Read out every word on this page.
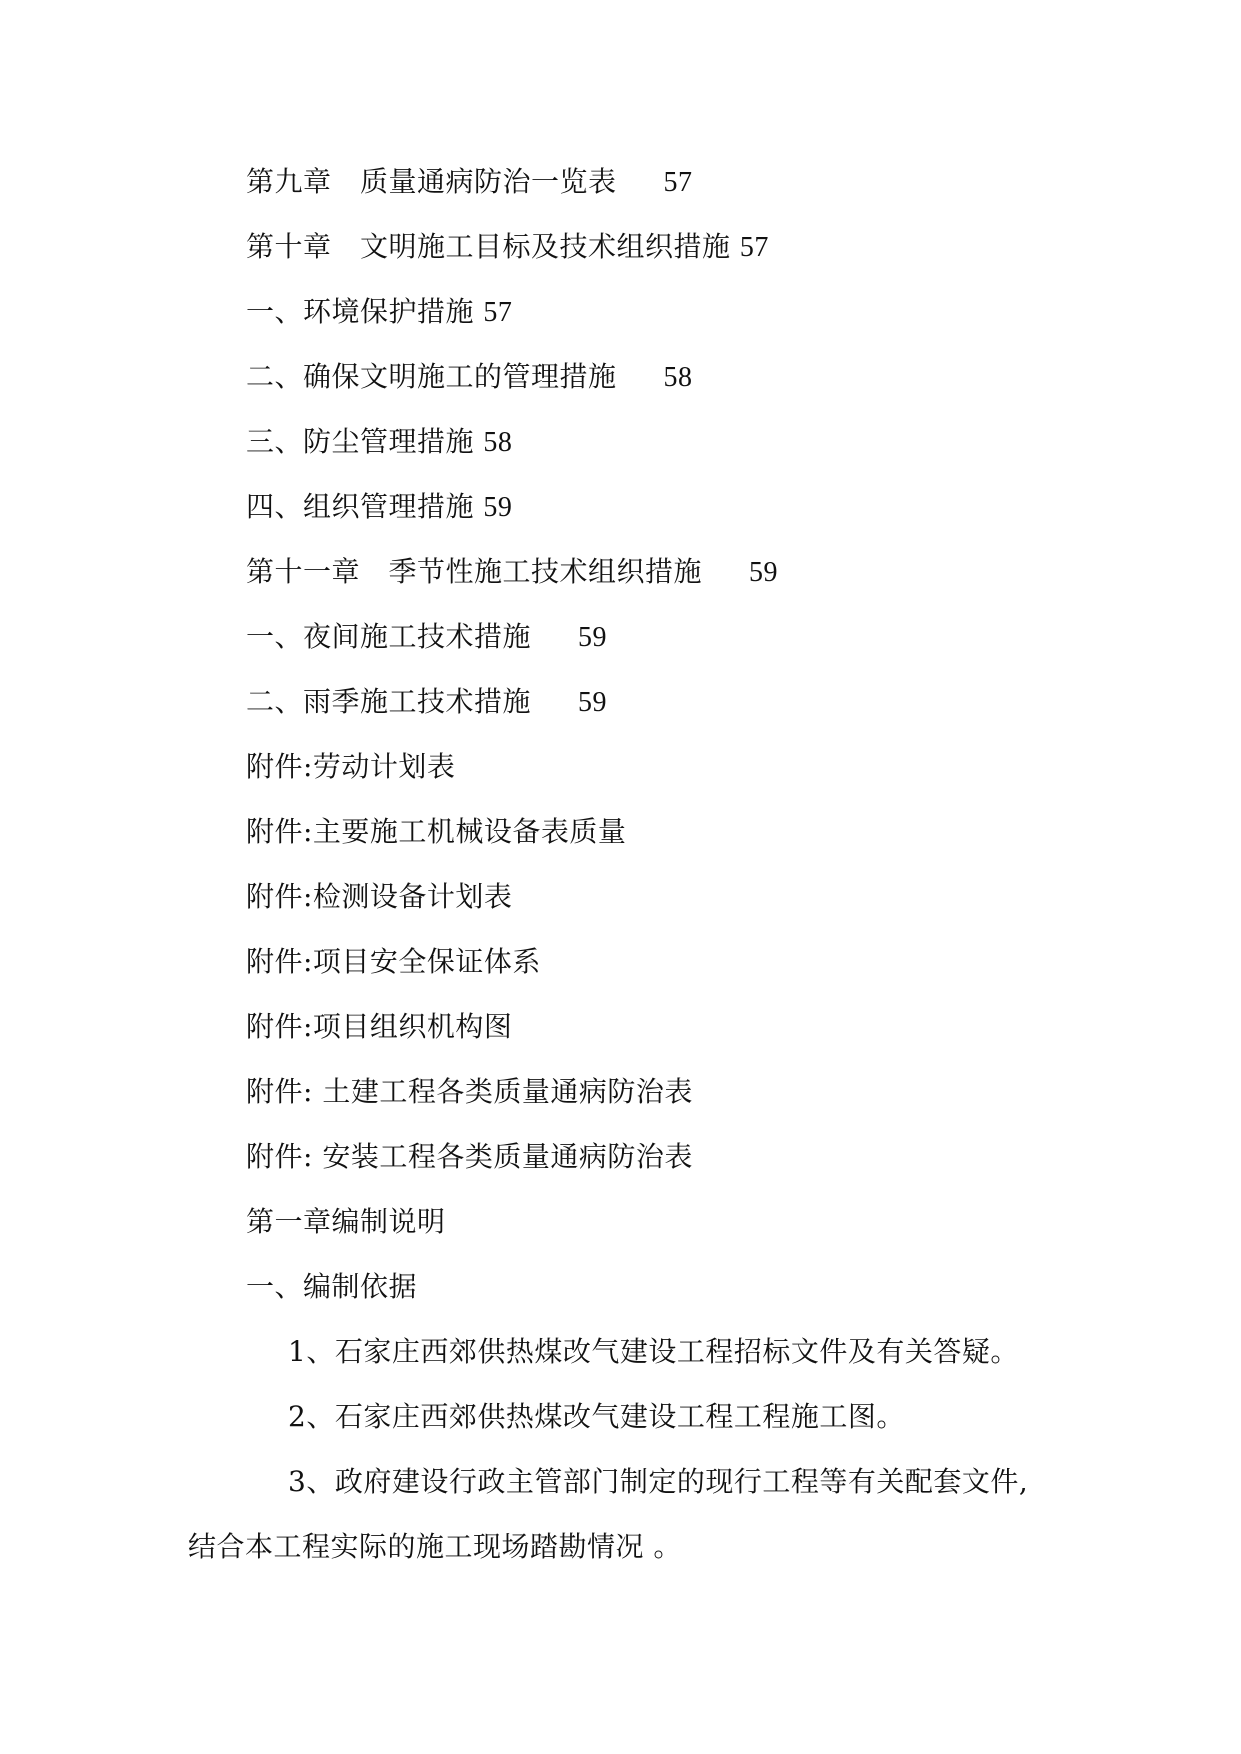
第九章　质量通病防治一览表 57
第十章　文明施工目标及技术组织措施 57
一、环境保护措施 57
二、确保文明施工的管理措施 58
三、防尘管理措施 58
四、组织管理措施 59
第十一章　季节性施工技术组织措施 59
一、夜间施工技术措施 59
二、雨季施工技术措施 59
附件:劳动计划表
附件:主要施工机械设备表质量
附件:检测设备计划表
附件:项目安全保证体系
附件:项目组织机构图
附件: 土建工程各类质量通病防治表
附件: 安装工程各类质量通病防治表
第一章编制说明
一、编制依据
1、石家庄西郊供热煤改气建设工程招标文件及有关答疑。
2、石家庄西郊供热煤改气建设工程工程施工图。
3、政府建设行政主管部门制定的现行工程等有关配套文件,
结合本工程实际的施工现场踏勘情况 。
